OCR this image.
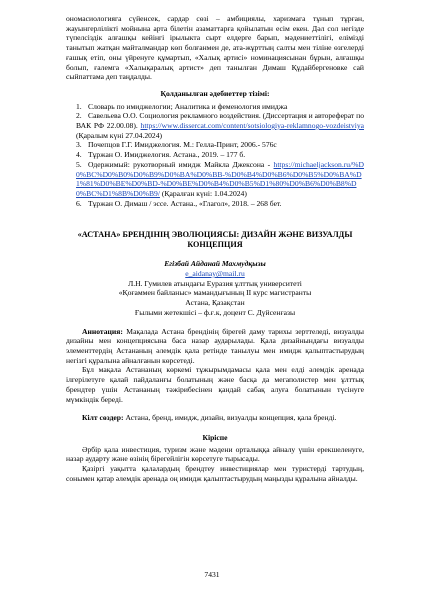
ономасиологиягa сүйенсек, сардар сөзі – амбициялы, харизмагa тұнып тұрған, жауынгерлілікті мойнына арта білетін азаматтарға қойылатын есім екен. Дәл сол негізде түпелсіздік алғашқы кейінгі ірылыкта сырт елдерге барып, мәдениеттілігі, елімізді танытып жатқан майталмандар көп болғанмен де, ата-жұрттың салты мен тілінe өзгелерді ғашық етіп, оны үйренуге құмартып, «Халық артисі» номинациясынан бұрын, алғашқы болып, ғалемга «Халықаралық артист» деп танылған Димаш Құдайбергеновке сай сыйпаттама деп таңдалды.

Қолданылған әдебиеттер тізімі:

1. Словарь по имиджелогии; Аналитика и феменология имиджа

2. Савельева О.О. Социология рекламного воздействия. (Диссертация и автореферат по ВАК РФ 22.00.08). https://www.dissercat.com/content/sotsiologiya-reklamnogo-vozdeistviya (Қаралым күні 27.04.2024)

3. Почепцов Г.Г. Имиджелогия. М.: Гелла-Принт, 2006.- 576с

4. Тұржан О. Имиджелогия. Астана., 2019. – 177 б.

5. Одержимый: рукотворный имидж Майкла Джексона - https://michaeljackson.ru/%D0%BC%D0%B0%D0%B9%D0%BA%D0%BB-%D0%B4%D0%B6%D0%B5%D0%BA%D1%81%D0%BE%D0%BD-%D0%BE%D0%B4%D0%B5%D1%80%D0%B6%D0%B8%D0%BC%D1%8B%D0%B9/ (Қаралған күні: 1.04.2024)

6. Тұржан О. Димаш / эссе. Астана., «Глагол», 2018. – 268 бет.

«АСТАНА» БРЕНДІНІҢ ЭВОЛЮЦИЯСЫ: ДИЗАЙН ЖӘНЕ ВИЗУАЛДЫ КОНЦЕПЦИЯ

Егізбай Айданай Махмудқызы

e_aidanay@mail.ru

Л.Н. Гумилев атындағы Еуразия ұлттық университеті

«Қоғаммен байланыс» мамандығының II курс магистранты

Астана, Қазақстан

Ғылыми жетекшісі – ф.ғ.к, доцент С. Дүйсенғазы

Аннотация: Мақалада Астана брендінің бірегей даму тарихы зерттеледі, визуалды дизайны мен концепциясына баса назар аударылады. Қала дизайнындағы визуалды элементтердің Астананың әлемдік қала ретінде танылуы мен имидж қалыптастырудың негізгі құралына айналғанын көрсетеді.

Бұл мақала Астананың көркемі тұжырымдамасы қала мен елді әлемдік аренада ілгерілетуге қалай пайдаланғы болатының және басқа да мегаполистер мен ұлттық брендтер үшін Астананың тәжірибесінен қандай сабақ алуға болатынын түсінуге мүмкіндік береді.

Кілт сөздер: Астана, бренд, имидж, дизайн, визуалды концепция, қала брендi.

Кіріспе

Әрбір қала инвестиция, туризм және мәдени орталыққа айналу үшін ерекшеленуге, назар аударту және өзінің бірегейлігін көрсетуге тырысады.

Қазіргі уақытта қалалардың брендтеу инвестициялар мен туристерді тартудың, сонымен қатар әлемдік аренада оң имидж қалыптастырудың маңызды құралына айналды.

7431
